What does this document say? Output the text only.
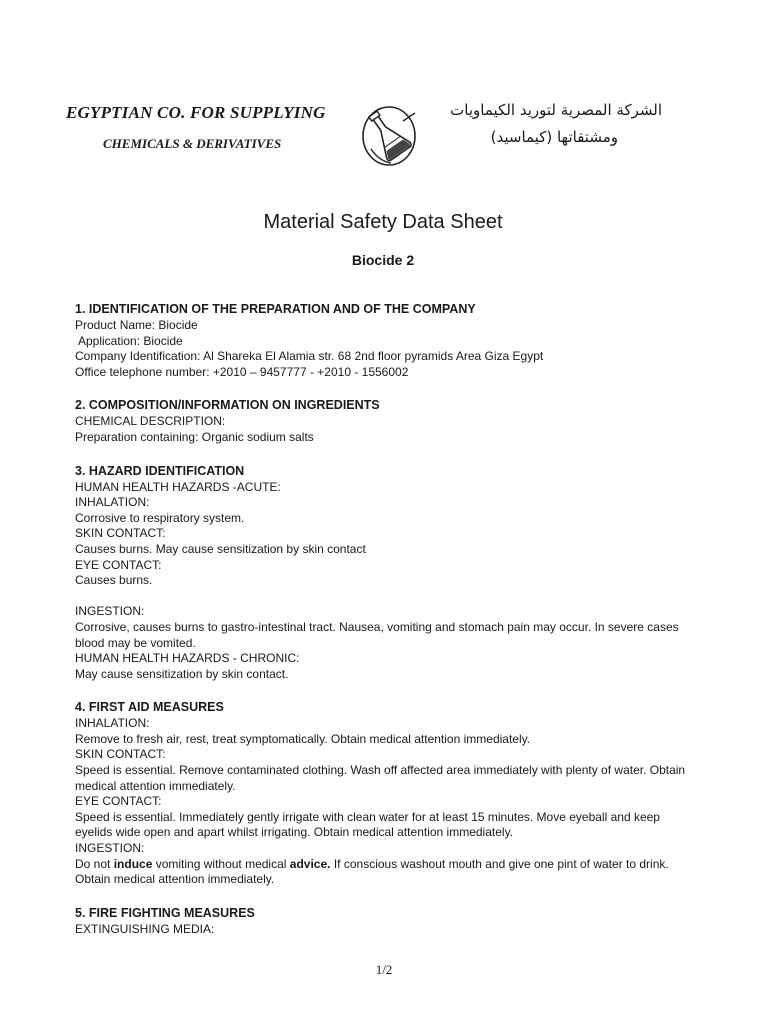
EGYPTIAN CO. FOR SUPPLYING
CHEMICALS & DERIVATIVES
الشركة المصرية لتوريد الكيماويات
ومشتقاتها (كيماسيد)
Material Safety Data Sheet
Biocide 2
1. IDENTIFICATION OF THE PREPARATION AND OF THE COMPANY
Product Name: Biocide
Application: Biocide
Company Identification: Al Shareka El Alamia str. 68 2nd floor pyramids Area Giza Egypt
Office telephone number: +2010 – 9457777 - +2010 - 1556002
2. COMPOSITION/INFORMATION ON INGREDIENTS
CHEMICAL DESCRIPTION:
Preparation containing: Organic sodium salts
3. HAZARD IDENTIFICATION
HUMAN HEALTH HAZARDS -ACUTE:
INHALATION:
Corrosive to respiratory system.
SKIN CONTACT:
Causes burns. May cause sensitization by skin contact
EYE CONTACT:
Causes burns.
INGESTION:
Corrosive, causes burns to gastro-intestinal tract. Nausea, vomiting and stomach pain may occur. In severe cases blood may be vomited.
HUMAN HEALTH HAZARDS - CHRONIC:
May cause sensitization by skin contact.
4. FIRST AID MEASURES
INHALATION:
Remove to fresh air, rest, treat symptomatically. Obtain medical attention immediately.
SKIN CONTACT:
Speed is essential. Remove contaminated clothing. Wash off affected area immediately with plenty of water. Obtain medical attention immediately.
EYE CONTACT:
Speed is essential. Immediately gently irrigate with clean water for at least 15 minutes. Move eyeball and keep eyelids wide open and apart whilst irrigating. Obtain medical attention immediately.
INGESTION:
Do not induce vomiting without medical advice. If conscious washout mouth and give one pint of water to drink. Obtain medical attention immediately.
5. FIRE FIGHTING MEASURES
EXTINGUISHING MEDIA:
1/2
